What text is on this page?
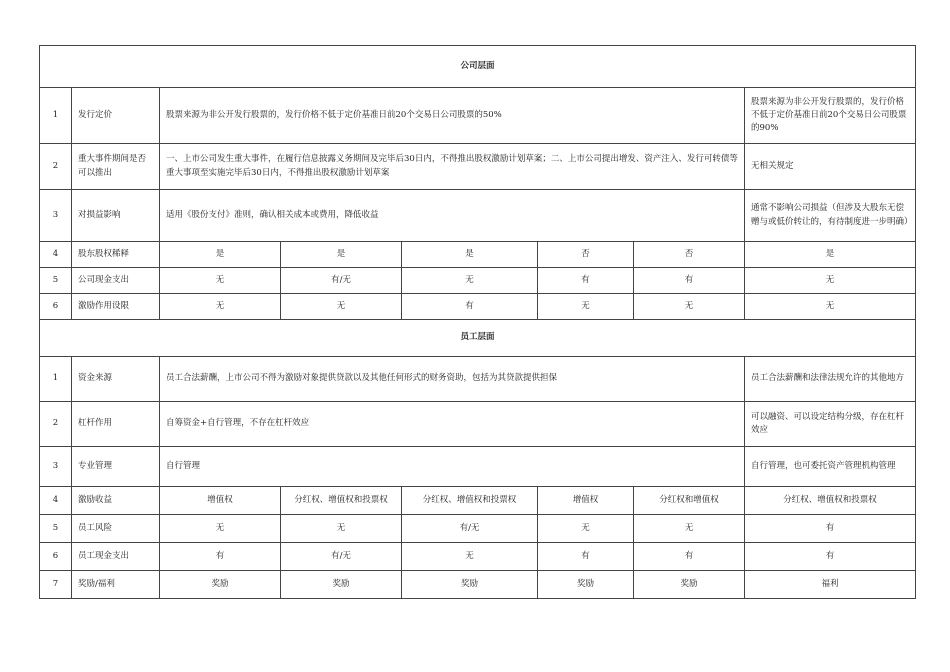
公司层面							
1	发行定价	股票来源为非公开发行股票的，发行价格不低于定价基准日前20个交易日公司股票的50%					股票来源为非公开发行股票的，发行价格不低于定价基准日前20个交易日公司股票的90%
2	重大事件期间是否可以推出	一、上市公司发生重大事件，在履行信息披露义务期间及完毕后30日内，不得推出股权激励计划草案；二、上市公司提出增发、资产注入、发行可转债等重大事项至实施完毕后30日内，不得推出股权激励计划草案					无相关规定
3	对损益影响	适用《股份支付》准则，确认相关成本或费用，降低收益					通常不影响公司损益（但涉及大股东无偿赠与或低价转让的，有待制度进一步明确）
4	股东股权稀释	是	是	是	否	否	是
5	公司现金支出	无	有/无	无	有	有	无
6	激励作用设限	无	无	有	无	无	无
员工层面							
1	资金来源	员工合法薪酬，上市公司不得为激励对象提供贷款以及其他任何形式的财务资助，包括为其贷款提供担保					员工合法薪酬和法律法规允许的其他地方
2	杠杆作用	自筹资金+自行管理，不存在杠杆效应					可以融资、可以设定结构分级，存在杠杆效应
3	专业管理	自行管理					自行管理，也可委托资产管理机构管理
4	激励收益	增值权	分红权、增值权和投票权	分红权、增值权和投票权	增值权	分红权和增值权	分红权、增值权和投票权
5	员工风险	无	无	有/无	无	无	有
6	员工现金支出	有	有/无	无	有	有	有
7	奖励/福利	奖励	奖励	奖励	奖励	奖励	福利
